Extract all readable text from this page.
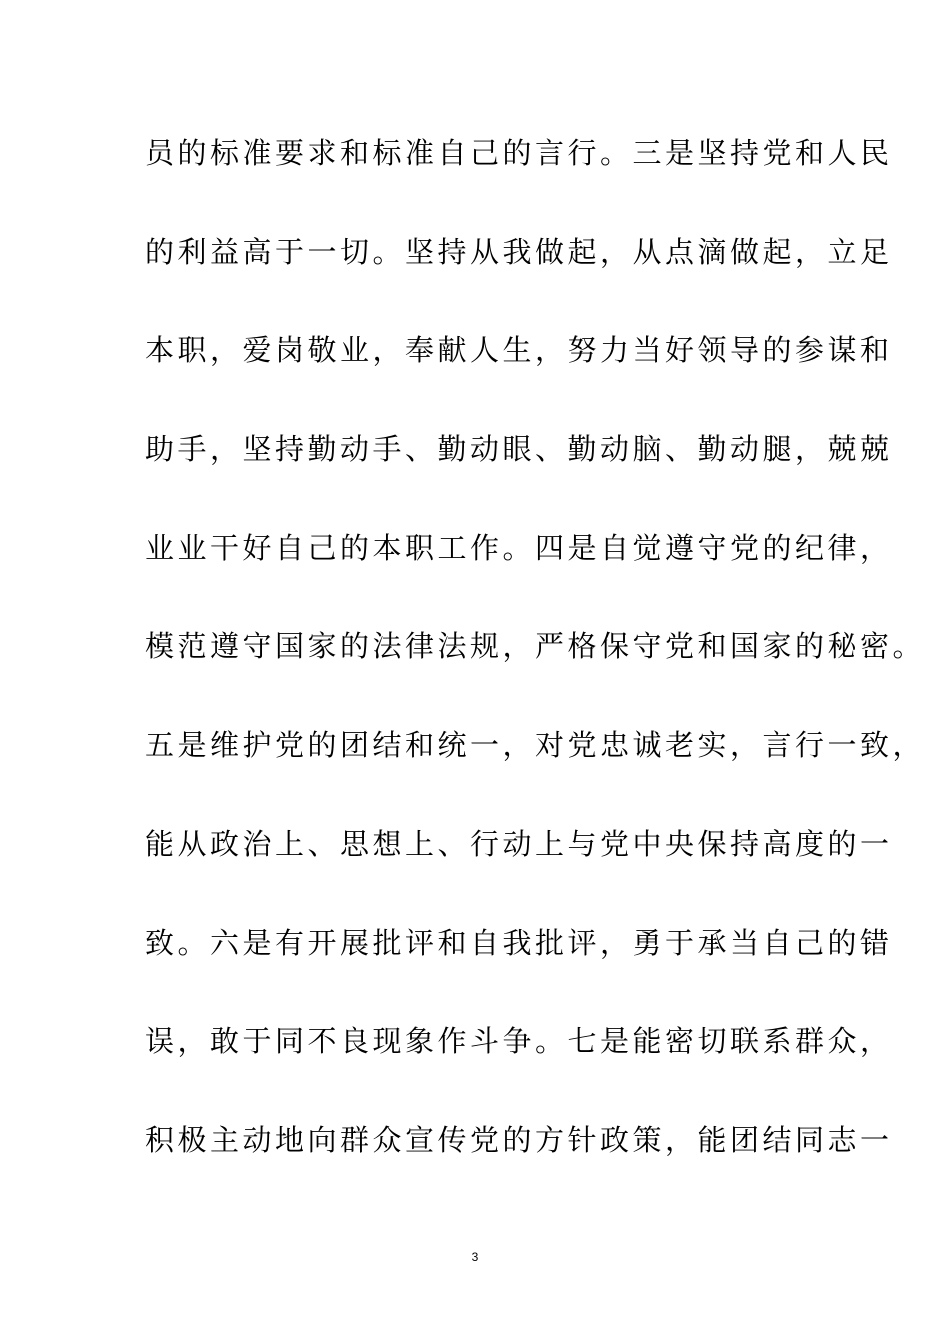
员的标准要求和标准自己的言行。三是坚持党和人民
的利益高于一切。坚持从我做起，从点滴做起，立足
本职，爱岗敬业，奉献人生，努力当好领导的参谋和
助手，坚持勤动手、勤动眼、勤动脑、勤动腿，兢兢
业业干好自己的本职工作。四是自觉遵守党的纪律，
模范遵守国家的法律法规，严格保守党和国家的秘密。
五是维护党的团结和统一，对党忠诚老实，言行一致，
能从政治上、思想上、行动上与党中央保持高度的一
致。六是有开展批评和自我批评，勇于承当自己的错
误，敢于同不良现象作斗争。七是能密切联系群众，
积极主动地向群众宣传党的方针政策，能团结同志一
3
